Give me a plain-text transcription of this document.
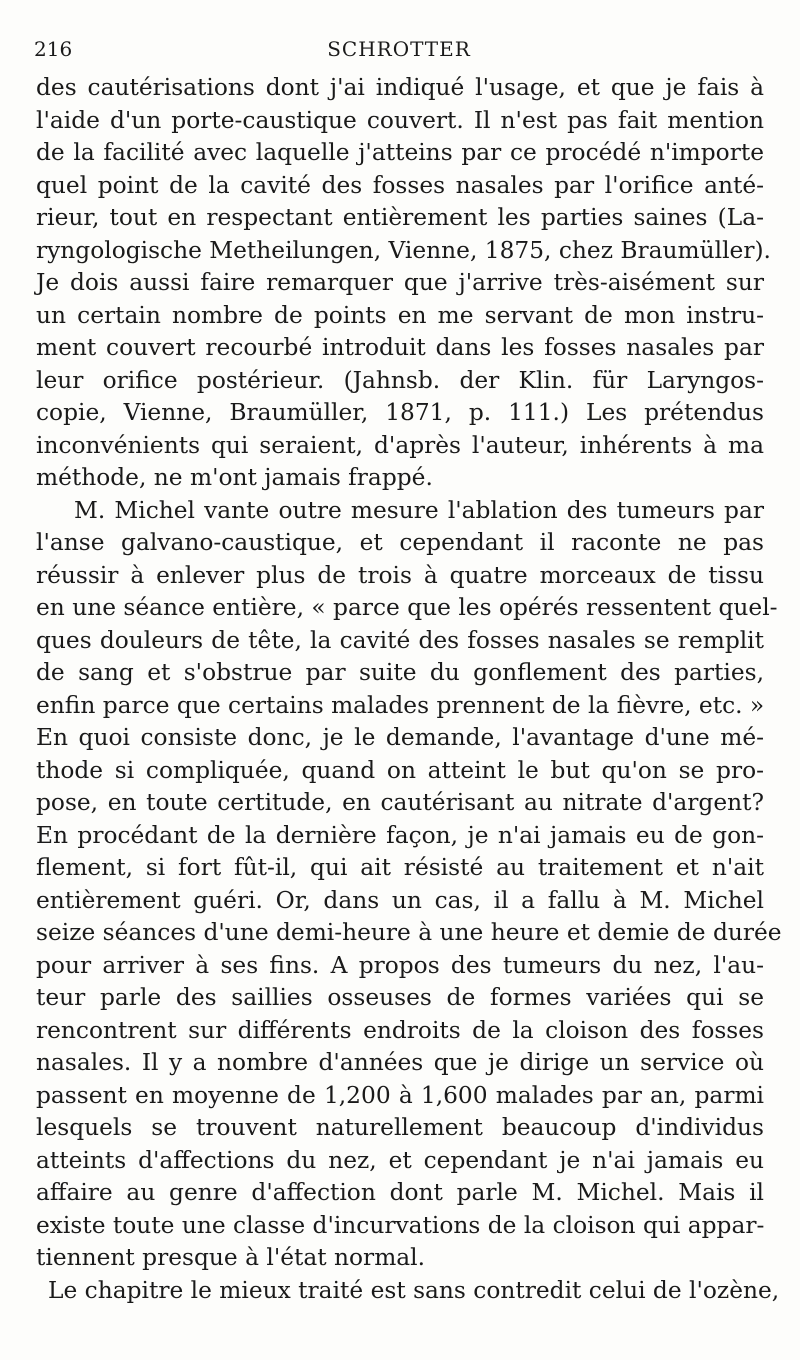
216	SCHROTTER
des cautérisations dont j'ai indiqué l'usage, et que je fais à
l'aide d'un porte-caustique couvert. Il n'est pas fait mention
de la facilité avec laquelle j'atteins par ce procédé n'importe
quel point de la cavité des fosses nasales par l'orifice anté-
rieur, tout en respectant entièrement les parties saines (La-
ryngologische Metheilungen, Vienne, 1875, chez Braumüller).
Je dois aussi faire remarquer que j'arrive très-aisément sur
un certain nombre de points en me servant de mon instru-
ment couvert recourbé introduit dans les fosses nasales par
leur orifice postérieur. (Jahnsb. der Klin. für Laryngos-
copie, Vienne, Braumüller, 1871, p. 111.) Les prétendus
inconvénients qui seraient, d'après l'auteur, inhérents à ma
méthode, ne m'ont jamais frappé.
M. Michel vante outre mesure l'ablation des tumeurs par
l'anse galvano-caustique, et cependant il raconte ne pas
réussir à enlever plus de trois à quatre morceaux de tissu
en une séance entière, « parce que les opérés ressentent quel-
ques douleurs de tête, la cavité des fosses nasales se remplit
de sang et s'obstrue par suite du gonflement des parties,
enfin parce que certains malades prennent de la fièvre, etc. »
En quoi consiste donc, je le demande, l'avantage d'une mé-
thode si compliquée, quand on atteint le but qu'on se pro-
pose, en toute certitude, en cautérisant au nitrate d'argent?
En procédant de la dernière façon, je n'ai jamais eu de gon-
flement, si fort fût-il, qui ait résisté au traitement et n'ait
entièrement guéri. Or, dans un cas, il a fallu à M. Michel
seize séances d'une demi-heure à une heure et demie de durée
pour arriver à ses fins. A propos des tumeurs du nez, l'au-
teur parle des saillies osseuses de formes variées qui se
rencontrent sur différents endroits de la cloison des fosses
nasales. Il y a nombre d'années que je dirige un service où
passent en moyenne de 1,200 à 1,600 malades par an, parmi
lesquels se trouvent naturellement beaucoup d'individus
atteints d'affections du nez, et cependant je n'ai jamais eu
affaire au genre d'affection dont parle M. Michel. Mais il
existe toute une classe d'incurvations de la cloison qui appar-
tiennent presque à l'état normal.
Le chapitre le mieux traité est sans contredit celui de l'ozène,
